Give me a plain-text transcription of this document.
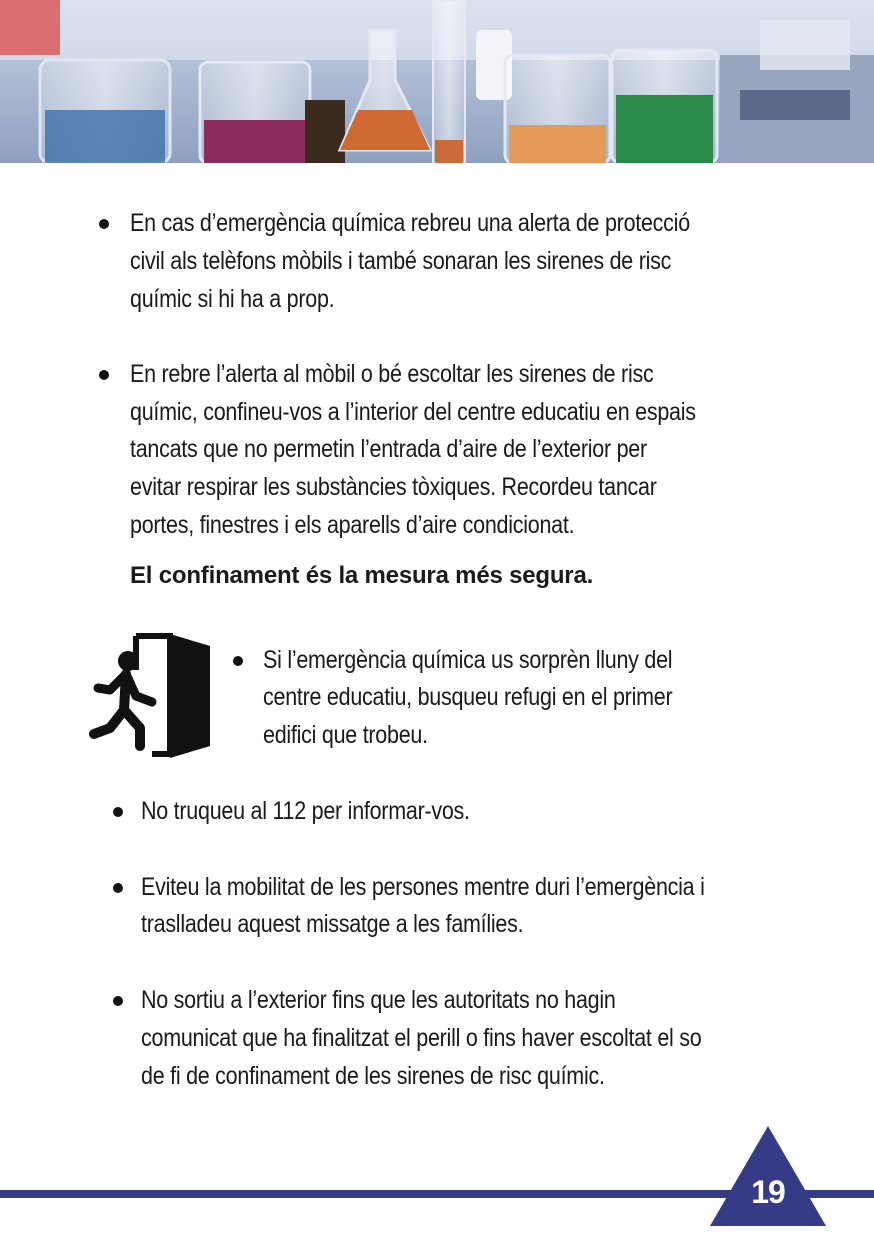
En cas d’emergència química rebreu una alerta de protecció
civil als telèfons mòbils i també sonaran les sirenes de risc
químic si hi ha a prop.
En rebre l’alerta al mòbil o bé escoltar les sirenes de risc
químic, confineu-vos a l’interior del centre educatiu en espais
tancats que no permetin l’entrada d’aire de l’exterior per
evitar respirar les substàncies tòxiques. Recordeu tancar
portes, finestres i els aparells d’aire condicionat.
El confinament és la mesura més segura.
Si l’emergència química us sorprèn lluny del
centre educatiu, busqueu refugi en el primer
edifici que trobeu.
No truqueu al 112 per informar-vos.
Eviteu la mobilitat de les persones mentre duri l’emergència i
traslladeu aquest missatge a les famílies.
No sortiu a l’exterior fins que les autoritats no hagin
comunicat que ha finalitzat el perill o fins haver escoltat el so
de fi de confinament de les sirenes de risc químic.
19
